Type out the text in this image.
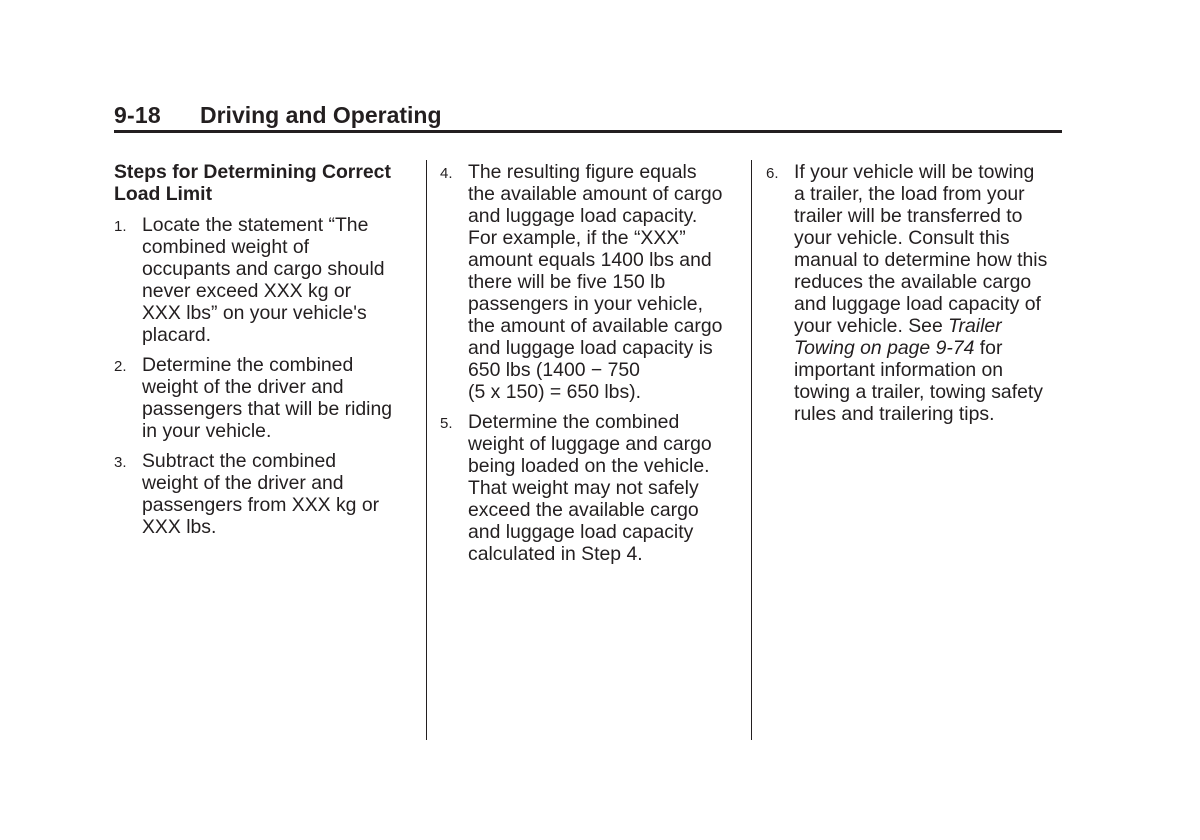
9-18 Driving and Operating
Steps for Determining Correct Load Limit
1. Locate the statement “The
combined weight of
occupants and cargo should
never exceed XXX kg or
XXX lbs” on your vehicle's
placard.
2. Determine the combined
weight of the driver and
passengers that will be riding
in your vehicle.
3. Subtract the combined
weight of the driver and
passengers from XXX kg or
XXX lbs.
4. The resulting figure equals
the available amount of cargo
and luggage load capacity.
For example, if the “XXX”
amount equals 1400 lbs and
there will be five 150 lb
passengers in your vehicle,
the amount of available cargo
and luggage load capacity is
650 lbs (1400 − 750
(5 x 150) = 650 lbs).
5. Determine the combined
weight of luggage and cargo
being loaded on the vehicle.
That weight may not safely
exceed the available cargo
and luggage load capacity
calculated in Step 4.
6. If your vehicle will be towing
a trailer, the load from your
trailer will be transferred to
your vehicle. Consult this
manual to determine how this
reduces the available cargo
and luggage load capacity of
your vehicle. See Trailer
Towing on page 9-74 for
important information on
towing a trailer, towing safety
rules and trailering tips.
